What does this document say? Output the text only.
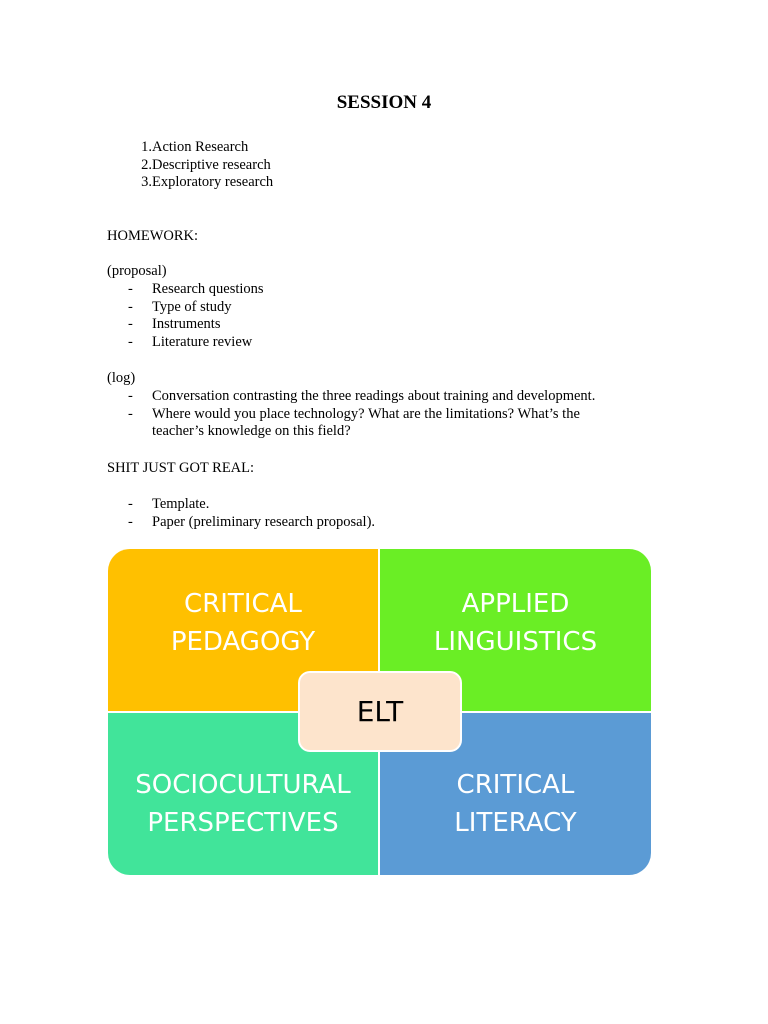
SESSION 4
1. Action Research
2. Descriptive research
3. Exploratory research
HOMEWORK:
(proposal)
- Research questions
- Type of study
- Instruments
- Literature review
(log)
- Conversation contrasting the three readings about training and development.
- Where would you place technology? What are the limitations? What’s the teacher’s knowledge on this field?
SHIT JUST GOT REAL:
- Template.
- Paper (preliminary research proposal).
CRITICAL
PEDAGOGY
APPLIED
LINGUISTICS
SOCIOCULTURAL
PERSPECTIVES
CRITICAL
LITERACY
ELT
